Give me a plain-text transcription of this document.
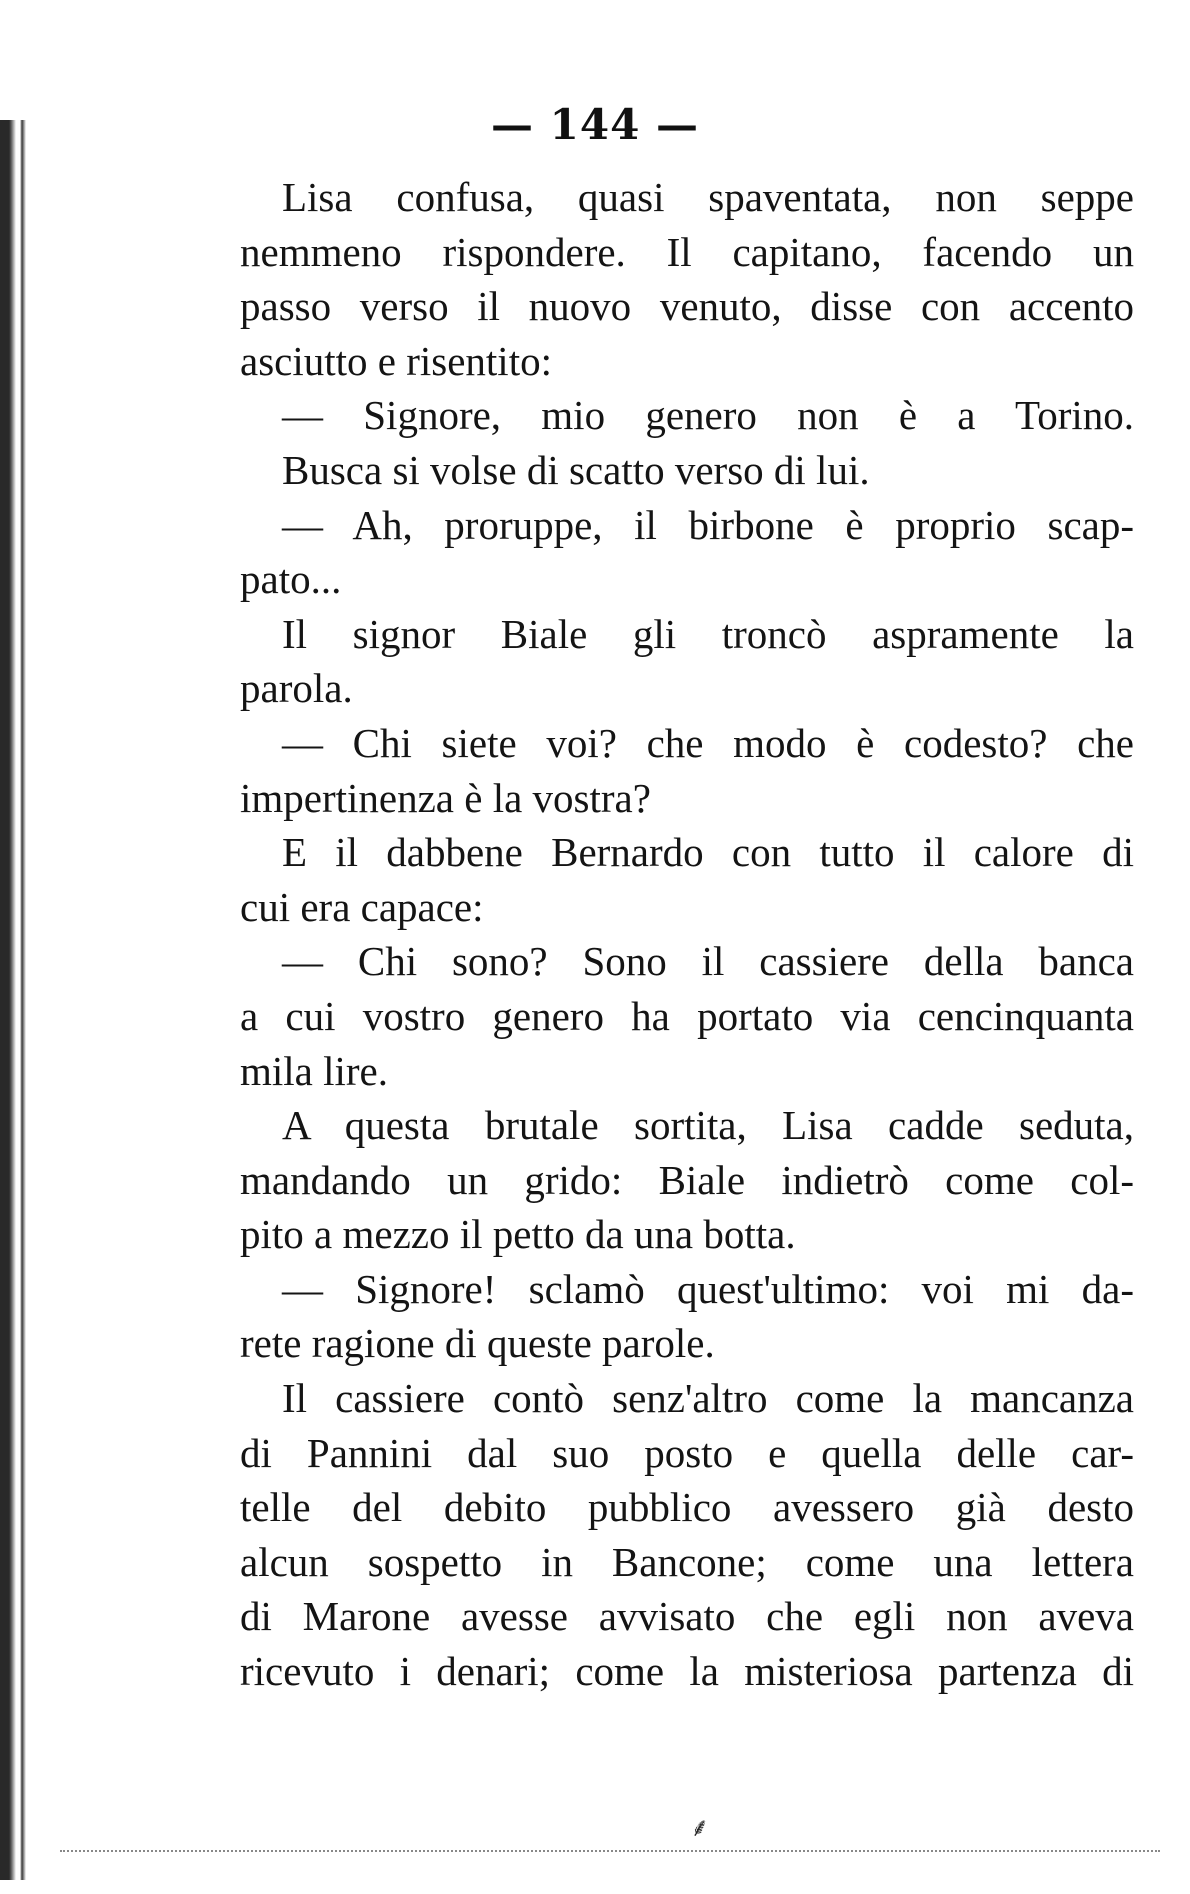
— 144 —
Lisa confusa, quasi spaventata, non seppe
nemmeno rispondere. Il capitano, facendo un
passo verso il nuovo venuto, disse con accento
asciutto e risentito:
— Signore, mio genero non è a Torino.
Busca si volse di scatto verso di lui.
— Ah, proruppe, il birbone è proprio scap-
pato...
Il signor Biale gli troncò aspramente la
parola.
— Chi siete voi? che modo è codesto? che
impertinenza è la vostra?
E il dabbene Bernardo con tutto il calore di
cui era capace:
— Chi sono? Sono il cassiere della banca
a cui vostro genero ha portato via cencinquanta
mila lire.
A questa brutale sortita, Lisa cadde seduta,
mandando un grido: Biale indietrò come col-
pito a mezzo il petto da una botta.
— Signore! sclamò quest'ultimo: voi mi da-
rete ragione di queste parole.
Il cassiere contò senz'altro come la mancanza
di Pannini dal suo posto e quella delle car-
telle del debito pubblico avessero già desto
alcun sospetto in Bancone; come una lettera
di Marone avesse avvisato che egli non aveva
ricevuto i denari; come la misteriosa partenza di
⸙
